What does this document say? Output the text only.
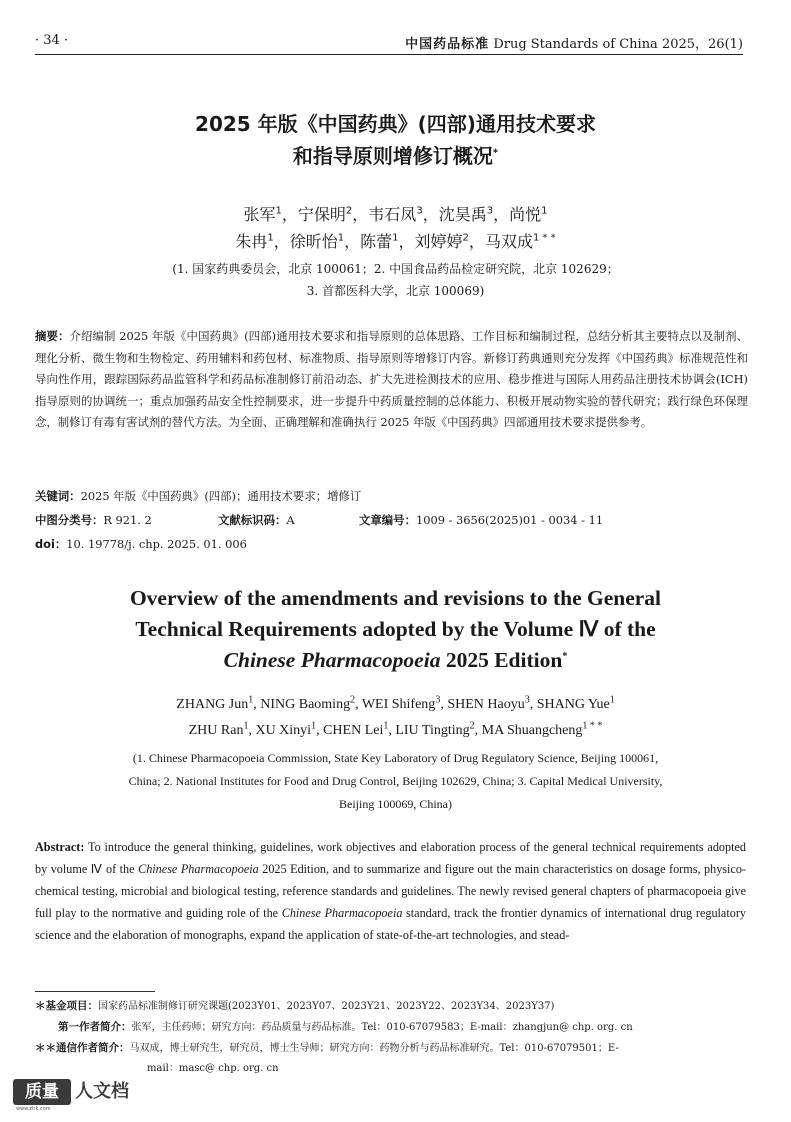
· 34 ·	中国药品标准 Drug Standards of China 2025，26(1)
2025 年版《中国药典》(四部)通用技术要求
和指导原则增修订概况*
张军$^1$，宁保明$^2$，韦石凤$^3$，沈昊禹$^3$，尚悦$^1$
朱冉$^1$，徐昕怡$^1$，陈蕾$^1$，刘婷婷$^2$，马双成$^{1 * *}$
(1. 国家药典委员会，北京 100061；2. 中国食品药品检定研究院，北京 102629；
3. 首都医科大学，北京 100069)
摘要：介绍编制 2025 年版《中国药典》(四部)通用技术要求和指导原则的总体思路、工作目标和编制过程，总结分析其主要特点以及制剂、理化分析、微生物和生物检定、药用辅料和药包材、标准物质、指导原则等增修订内容。新修订药典通则充分发挥《中国药典》标准规范性和导向性作用，跟踪国际药品监管科学和药品标准制修订前沿动态、扩大先进检测技术的应用、稳步推进与国际人用药品注册技术协调会(ICH)指导原则的协调统一；重点加强药品安全性控制要求，进一步提升中药质量控制的总体能力、积极开展动物实验的替代研究；践行绿色环保理念，制修订有毒有害试剂的替代方法。为全面、正确理解和准确执行 2025 年版《中国药典》四部通用技术要求提供参考。
关键词：2025 年版《中国药典》(四部)；通用技术要求；增修订
中图分类号：R 921. 2	文献标识码：A	文章编号：1009 - 3656(2025)01 - 0034 - 11
doi：10. 19778/j. chp. 2025. 01. 006
Overview of the amendments and revisions to the General
Technical Requirements adopted by the Volume Ⅳ of the
Chinese Pharmacopoeia 2025 Edition*
ZHANG Jun$^1$, NING Baoming$^2$, WEI Shifeng$^3$, SHEN Haoyu$^3$, SHANG Yue$^1$
ZHU Ran$^1$, XU Xinyi$^1$, CHEN Lei$^1$, LIU Tingting$^2$, MA Shuangcheng$^{1 * *}$
(1. Chinese Pharmacopoeia Commission, State Key Laboratory of Drug Regulatory Science, Beijing 100061,
China; 2. National Institutes for Food and Drug Control, Beijing 102629, China; 3. Capital Medical University,
Beijing 100069, China)
Abstract: To introduce the general thinking, guidelines, work objectives and elaboration process of the general technical requirements adopted by volume Ⅳ of the Chinese Pharmacopoeia 2025 Edition, and to summarize and figure out the main characteristics on dosage forms, physico-chemical testing, microbial and biological testing, reference standards and guidelines. The newly revised general chapters of pharmacopoeia give full play to the normative and guiding role of the Chinese Pharmacopoeia standard, track the frontier dynamics of international drug regulatory science and the elaboration of monographs, expand the application of state-of-the-art technologies, and stead-
＊基金项目：国家药品标准制修订研究课题(2023Y01、2023Y07、2023Y21、2023Y22、2023Y34、2023Y37)
第一作者简介：张军，主任药师；研究方向：药品质量与药品标准。Tel：010-67079583；E-mail：zhangjun@ chp. org. cn
＊＊通信作者简介：马双成，博士研究生，研究员，博士生导师；研究方向：药物分析与药品标准研究。Tel：010-67079501；E-
mail：masc@ chp. org. cn
质量 人文档
www.zlrk.com
